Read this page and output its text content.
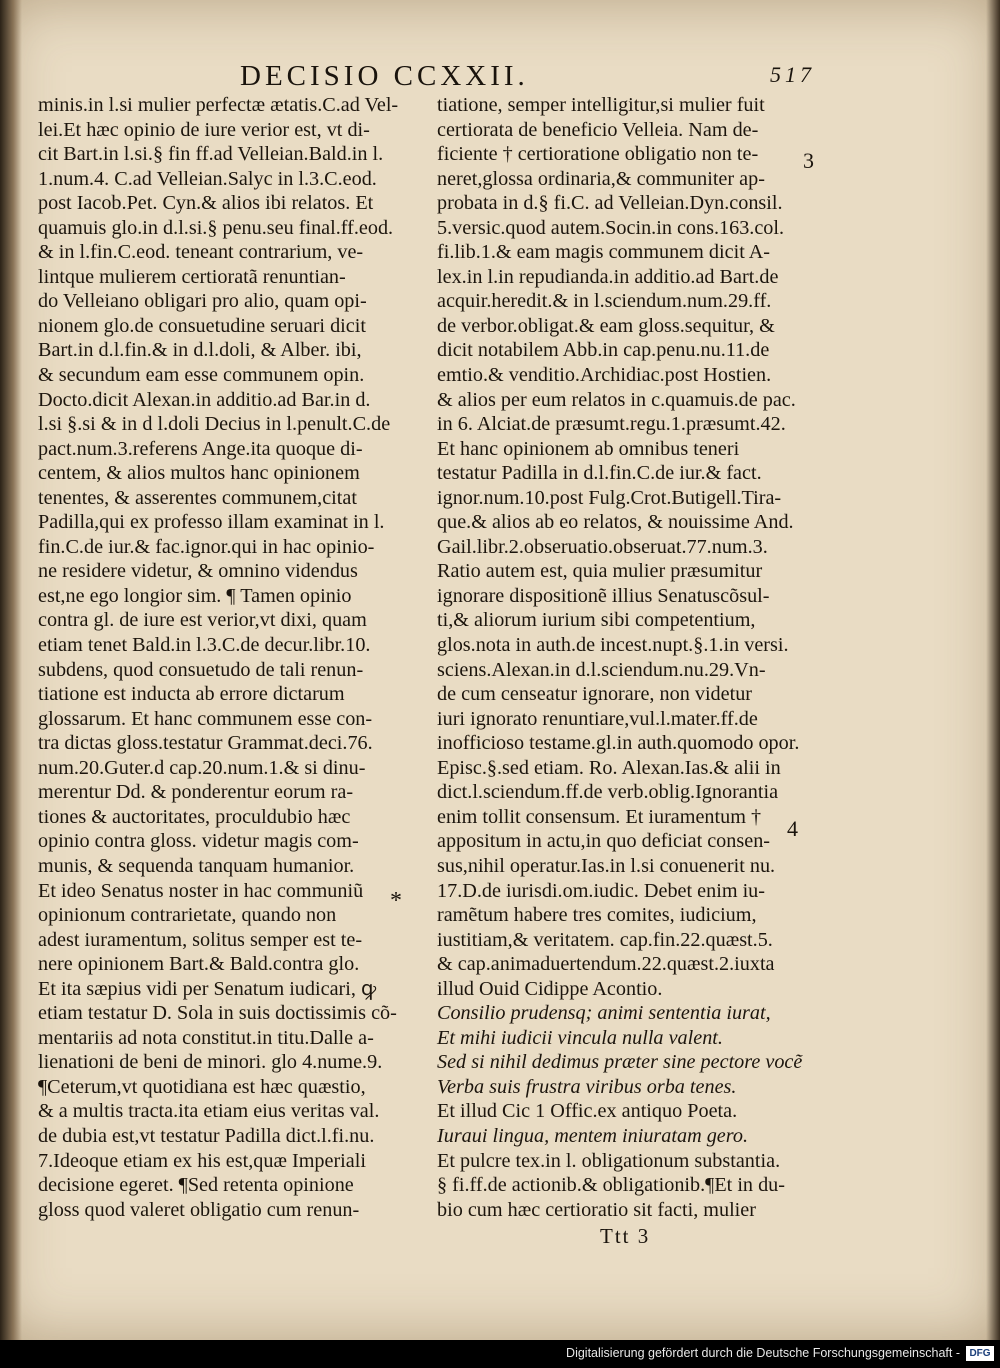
DECISIO CCXXII.	517
minis.in l.si mulier perfectæ ætatis.C.ad Vel-
lei.Et hæc opinio de iure verior est, vt di-
cit Bart.in l.si.§ fin ff.ad Velleian.Bald.in l.
1.num.4. C.ad Velleian.Salyc in l.3.C.eod.
post Iacob.Pet. Cyn.& alios ibi relatos. Et
quamuis glo.in d.l.si.§ penu.seu final.ff.eod.
& in l.fin.C.eod. teneant contrarium, ve-
lintque mulierem certioratã renuntian-
do Velleiano obligari pro alio, quam opi-
nionem glo.de consuetudine seruari dicit
Bart.in d.l.fin.& in d.l.doli, & Alber. ibi,
& secundum eam esse communem opin.
Docto.dicit Alexan.in additio.ad Bar.in d.
l.si §.si & in d l.doli Decius in l.penult.C.de
pact.num.3.referens Ange.ita quoque di-
centem, & alios multos hanc opinionem
tenentes, & asserentes communem,citat
Padilla,qui ex professo illam examinat in l.
fin.C.de iur.& fac.ignor.qui in hac opinio-
ne residere videtur, & omnino videndus
est,ne ego longior sim. ¶ Tamen opinio
contra gl. de iure est verior,vt dixi, quam
etiam tenet Bald.in l.3.C.de decur.libr.10.
subdens, quod consuetudo de tali renun-
tiatione est inducta ab errore dictarum
glossarum. Et hanc communem esse con-
tra dictas gloss.testatur Grammat.deci.76.
num.20.Guter.d cap.20.num.1.& si dinu-
merentur Dd. & ponderentur eorum ra-
tiones & auctoritates, proculdubio hæc
opinio contra gloss. videtur magis com-
munis, & sequenda tanquam humanior.
Et ideo Senatus noster in hac communiũ
opinionum contrarietate, quando non
adest iuramentum, solitus semper est te-
nere opinionem Bart.& Bald.contra glo.
Et ita sæpius vidi per Senatum iudicari, ꝙ
etiam testatur D. Sola in suis doctissimis cõ-
mentariis ad nota constitut.in titu.Dalle a-
lienationi de beni de minori. glo 4.nume.9.
¶Ceterum,vt quotidiana est hæc quæstio,
& a multis tracta.ita etiam eius veritas val.
de dubia est,vt testatur Padilla dict.l.fi.nu.
7.Ideoque etiam ex his est,quæ Imperiali
decisione egeret. ¶Sed retenta opinione
gloss quod valeret obligatio cum renun-
tiatione, semper intelligitur,si mulier fuit
certiorata de beneficio Velleia. Nam de-
ficiente † certioratione obligatio non te-
neret,glossa ordinaria,& communiter ap-
probata in d.§ fi.C. ad Velleian.Dyn.consil.
5.versic.quod autem.Socin.in cons.163.col.
fi.lib.1.& eam magis communem dicit A-
lex.in l.in repudianda.in additio.ad Bart.de
acquir.heredit.& in l.sciendum.num.29.ff.
de verbor.obligat.& eam gloss.sequitur, &
dicit notabilem Abb.in cap.penu.nu.11.de
emtio.& venditio.Archidiac.post Hostien.
& alios per eum relatos in c.quamuis.de pac.
in 6. Alciat.de præsumt.regu.1.præsumt.42.
Et hanc opinionem ab omnibus teneri
testatur Padilla in d.l.fin.C.de iur.& fact.
ignor.num.10.post Fulg.Crot.Butigell.Tira-
que.& alios ab eo relatos, & nouissime And.
Gail.libr.2.obseruatio.obseruat.77.num.3.
Ratio autem est, quia mulier præsumitur
ignorare dispositionẽ illius Senatuscõsul-
ti,& aliorum iurium sibi competentium,
glos.nota in auth.de incest.nupt.§.1.in versi.
sciens.Alexan.in d.l.sciendum.nu.29.Vn-
de cum censeatur ignorare, non videtur
iuri ignorato renuntiare,vul.l.mater.ff.de
inofficioso testame.gl.in auth.quomodo opor.
Episc.§.sed etiam. Ro. Alexan.Ias.& alii in
dict.l.sciendum.ff.de verb.oblig.Ignorantia
enim tollit consensum. Et iuramentum †
appositum in actu,in quo deficiat consen-
sus,nihil operatur.Ias.in l.si conuenerit nu.
17.D.de iurisdi.om.iudic. Debet enim iu-
ramẽtum habere tres comites, iudicium,
iustitiam,& veritatem. cap.fin.22.quæst.5.
& cap.animaduertendum.22.quæst.2.iuxta
illud Ouid Cidippe Acontio.
Consilio prudensq; animi sententia iurat,
Et mihi iudicii vincula nulla valent.
Sed si nihil dedimus præter sine pectore vocẽ
Verba suis frustra viribus orba tenes.
Et illud Cic 1 Offic.ex antiquo Poeta.
Iuraui lingua, mentem iniuratam gero.
Et pulcre tex.in l. obligationum substantia.
§ fi.ff.de actionib.& obligationib.¶Et in du-
bio cum hæc certioratio sit facti, mulier
3
4
*
Ttt 3
Digitalisierung gefördert durch die Deutsche Forschungsgemeinschaft - DFG
